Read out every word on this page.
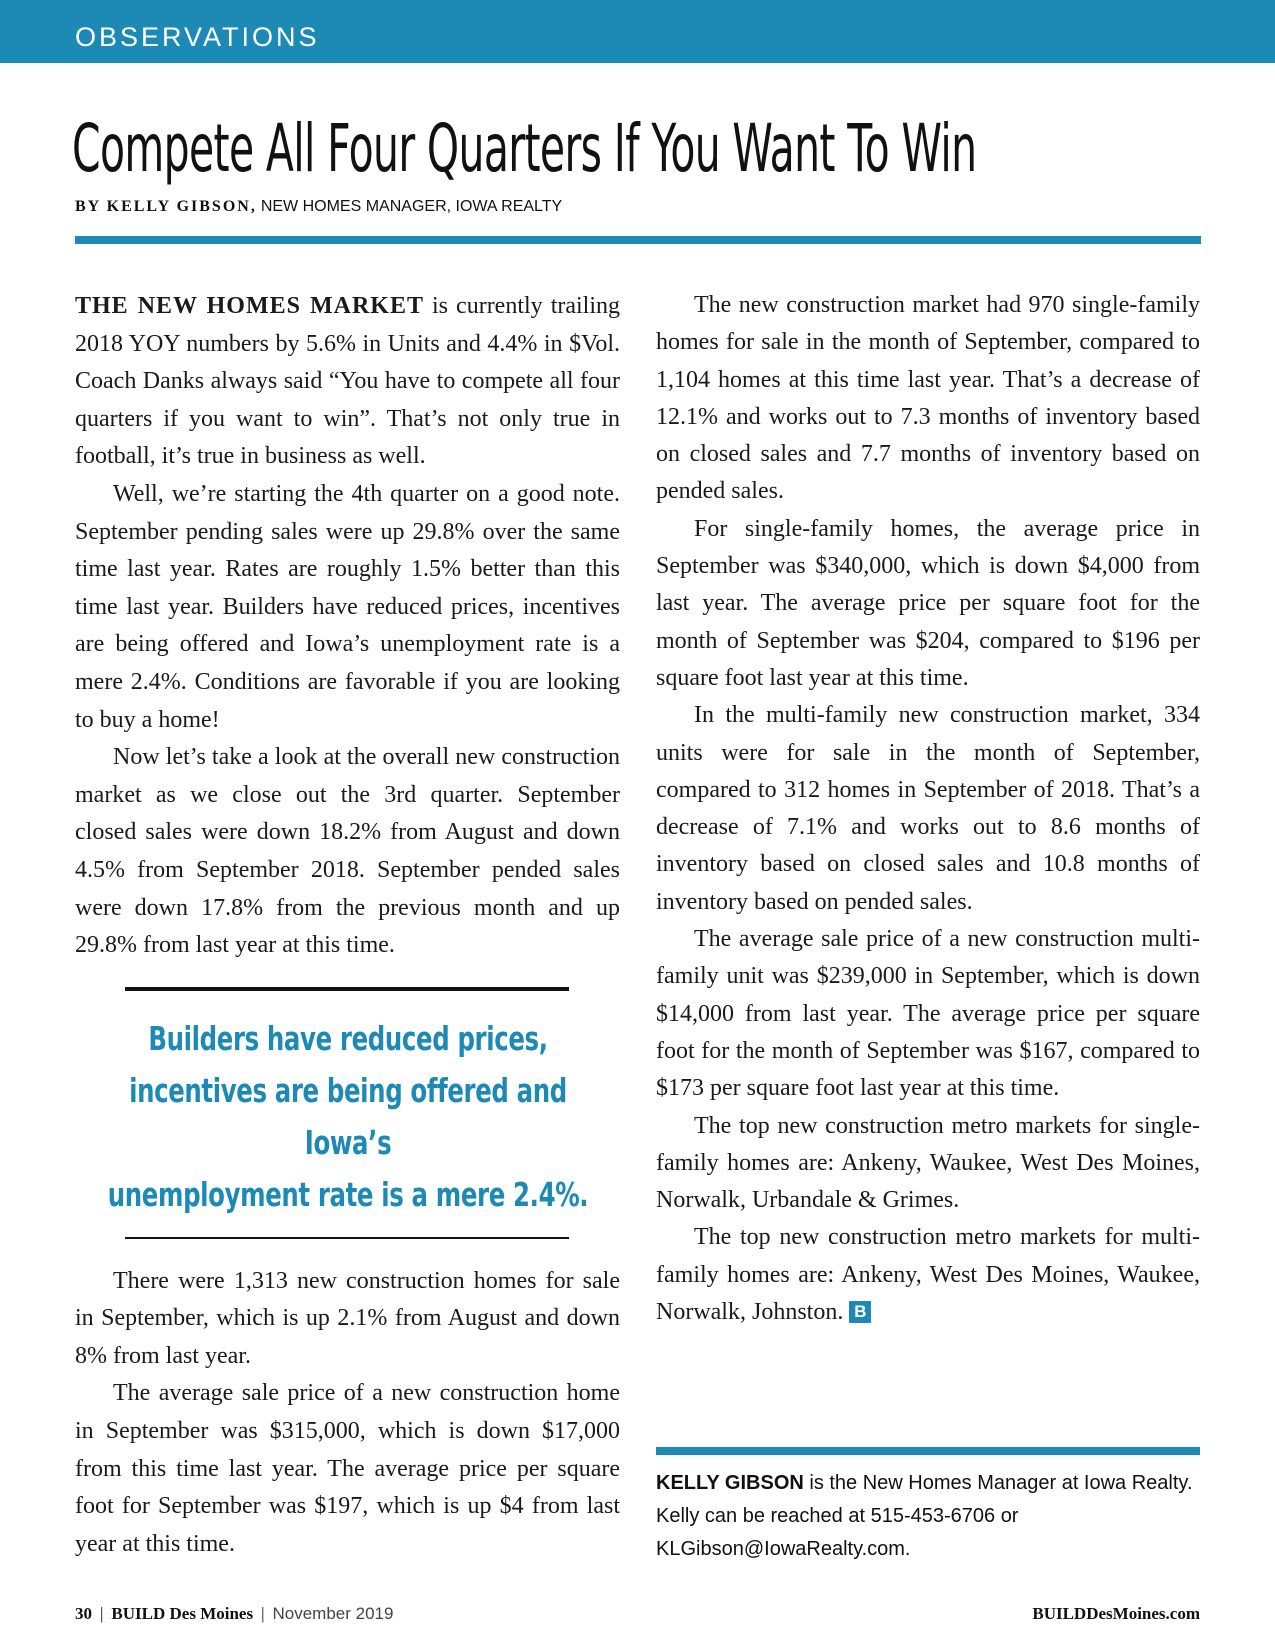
OBSERVATIONS
Compete All Four Quarters If You Want To Win
BY KELLY GIBSON, NEW HOMES MANAGER, IOWA REALTY

THE NEW HOMES MARKET is currently trailing 2018 YOY numbers by 5.6% in Units and 4.4% in $Vol. Coach Danks always said “You have to compete all four quarters if you want to win”. That’s not only true in football, it’s true in business as well.

Well, we’re starting the 4th quarter on a good note. September pending sales were up 29.8% over the same time last year. Rates are roughly 1.5% better than this time last year. Builders have reduced prices, incentives are being offered and Iowa’s unemployment rate is a mere 2.4%. Conditions are favorable if you are looking to buy a home!

Now let’s take a look at the overall new construction market as we close out the 3rd quarter. September closed sales were down 18.2% from August and down 4.5% from September 2018. September pended sales were down 17.8% from the previous month and up 29.8% from last year at this time.

Builders have reduced prices,
incentives are being offered and Iowa’s
unemployment rate is a mere 2.4%.

There were 1,313 new construction homes for sale in September, which is up 2.1% from August and down 8% from last year.

The average sale price of a new construction home in September was $315,000, which is down $17,000 from this time last year. The average price per square foot for September was $197, which is up $4 from last year at this time.

The new construction market had 970 single-family homes for sale in the month of September, compared to 1,104 homes at this time last year. That’s a decrease of 12.1% and works out to 7.3 months of inventory based on closed sales and 7.7 months of inventory based on pended sales.

For single-family homes, the average price in September was $340,000, which is down $4,000 from last year. The average price per square foot for the month of September was $204, compared to $196 per square foot last year at this time.

In the multi-family new construction market, 334 units were for sale in the month of September, compared to 312 homes in September of 2018. That’s a decrease of 7.1% and works out to 8.6 months of inventory based on closed sales and 10.8 months of inventory based on pended sales.

The average sale price of a new construction multi-family unit was $239,000 in September, which is down $14,000 from last year. The average price per square foot for the month of September was $167, compared to $173 per square foot last year at this time.

The top new construction metro markets for single-family homes are: Ankeny, Waukee, West Des Moines, Norwalk, Urbandale & Grimes.

The top new construction metro markets for multi-family homes are: Ankeny, West Des Moines, Waukee, Norwalk, Johnston. B

KELLY GIBSON is the New Homes Manager at Iowa Realty.
Kelly can be reached at 515-453-6706 or
KLGibson@IowaRealty.com.
30 | BUILD Des Moines | November 2019	BUILDDesMoines.com
